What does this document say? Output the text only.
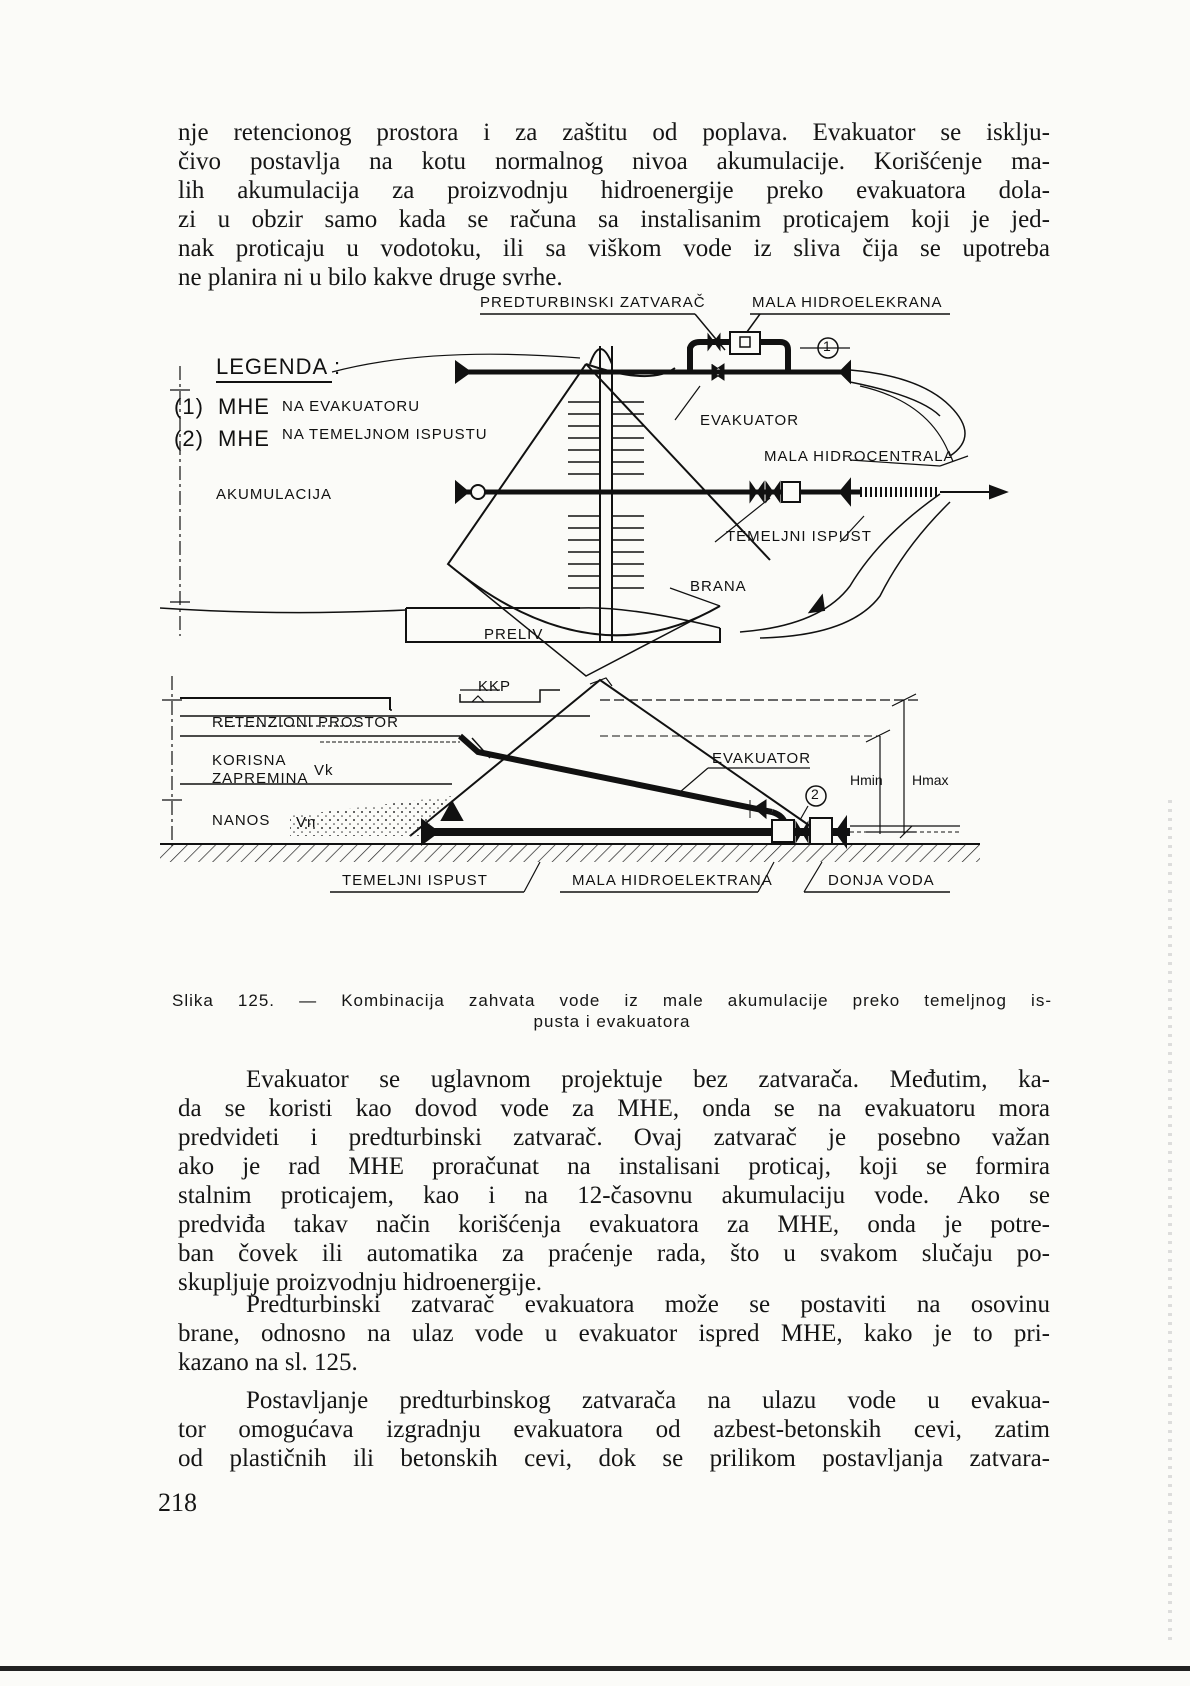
nje retencionog prostora i za zaštitu od poplava. Evakuator se isklju-
čivo postavlja na kotu normalnog nivoa akumulacije. Korišćenje ma-
lih akumulacija za proizvodnju hidroenergije preko evakuatora dola-
zi u obzir samo kada se računa sa instalisanim proticajem koji je jed-
nak proticaju u vodotoku, ili sa viškom vode iz sliva čija se upotreba
ne planira ni u bilo kakve druge svrhe.
PREDTURBINSKI ZATVARAČ	MALA HIDROELEKRANA
LEGENDA :
(1) MHE NA EVAKUATORU
(2) MHE NA TEMELJNOM ISPUSTU
AKUMULACIJA
EVAKUATOR
MALA HIDROCENTRALA
TEMELJNI ISPUST
BRANA
PRELIV
1
KKP
RETENZIONI PROSTOR
KORISNA
ZAPREMINA Vk
NANOS Vn
EVAKUATOR
2
Hmin Hmax
TEMELJNI ISPUST	MALA HIDROELEKTRANA	DONJA VODA
Slika 125. — Kombinacija zahvata vode iz male akumulacije preko temeljnog is-
pusta i evakuatora
Evakuator se uglavnom projektuje bez zatvarača. Međutim, ka-
da se koristi kao dovod vode za MHE, onda se na evakuatoru mora
predvideti i predturbinski zatvarač. Ovaj zatvarač je posebno važan
ako je rad MHE proračunat na instalisani proticaj, koji se formira
stalnim proticajem, kao i na 12-časovnu akumulaciju vode. Ako se
predviđa takav način korišćenja evakuatora za MHE, onda je potre-
ban čovek ili automatika za praćenje rada, što u svakom slučaju po-
skupljuje proizvodnju hidroenergije.
Predturbinski zatvarač evakuatora može se postaviti na osovinu
brane, odnosno na ulaz vode u evakuator ispred MHE, kako je to pri-
kazano na sl. 125.
Postavljanje predturbinskog zatvarača na ulazu vode u evakua-
tor omogućava izgradnju evakuatora od azbest-betonskih cevi, zatim
od plastičnih ili betonskih cevi, dok se prilikom postavljanja zatvara-
218
